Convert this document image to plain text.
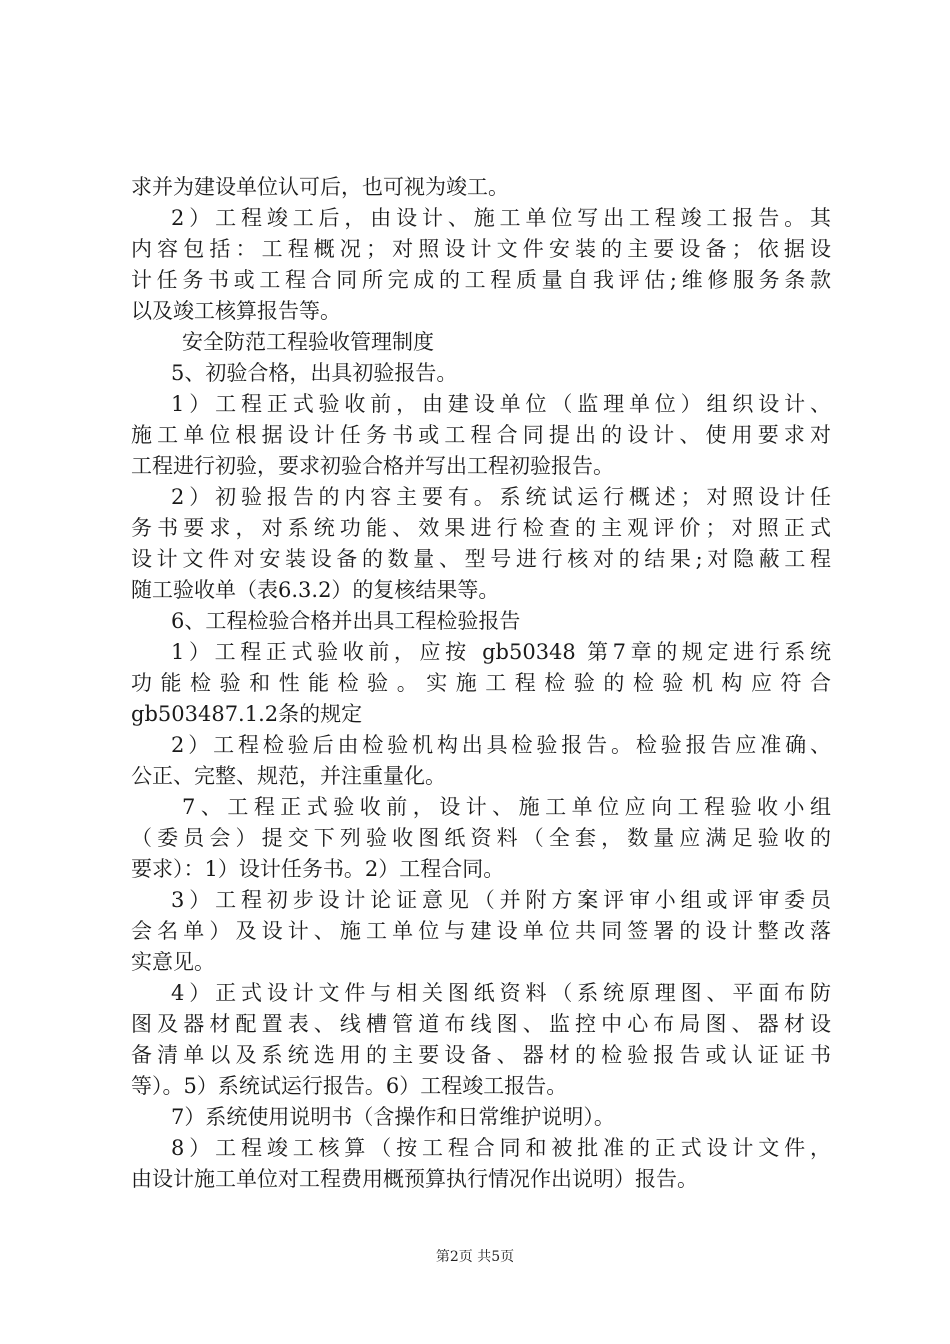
求并为建设单位认可后，也可视为竣工。
2）工程竣工后，由设计、施工单位写出工程竣工报告。其
内容包括：工程概况；对照设计文件安装的主要设备；依据设
计任务书或工程合同所完成的工程质量自我评估;维修服务条款
以及竣工核算报告等。
安全防范工程验收管理制度
5、初验合格，出具初验报告。
1）工程正式验收前，由建设单位（监理单位）组织设计、
施工单位根据设计任务书或工程合同提出的设计、使用要求对
工程进行初验，要求初验合格并写出工程初验报告。
2）初验报告的内容主要有。系统试运行概述；对照设计任
务书要求，对系统功能、效果进行检查的主观评价；对照正式
设计文件对安装设备的数量、型号进行核对的结果;对隐蔽工程
随工验收单（表6.3.2）的复核结果等。
6、工程检验合格并出具工程检验报告
1）工程正式验收前，应按 gb50348 第7章的规定进行系统
功能检验和性能检验。实施工程检验的检验机构应符合
gb503487.1.2条的规定
2）工程检验后由检验机构出具检验报告。检验报告应准确、
公正、完整、规范，并注重量化。
7、工程正式验收前，设计、施工单位应向工程验收小组
（委员会）提交下列验收图纸资料（全套，数量应满足验收的
要求）：1）设计任务书。2）工程合同。
3）工程初步设计论证意见（并附方案评审小组或评审委员
会名单）及设计、施工单位与建设单位共同签署的设计整改落
实意见。
4）正式设计文件与相关图纸资料（系统原理图、平面布防
图及器材配置表、线槽管道布线图、监控中心布局图、器材设
备清单以及系统选用的主要设备、器材的检验报告或认证证书
等）。5）系统试运行报告。6）工程竣工报告。
7）系统使用说明书（含操作和日常维护说明）。
8）工程竣工核算（按工程合同和被批准的正式设计文件，
由设计施工单位对工程费用概预算执行情况作出说明）报告。
第2页 共5页
